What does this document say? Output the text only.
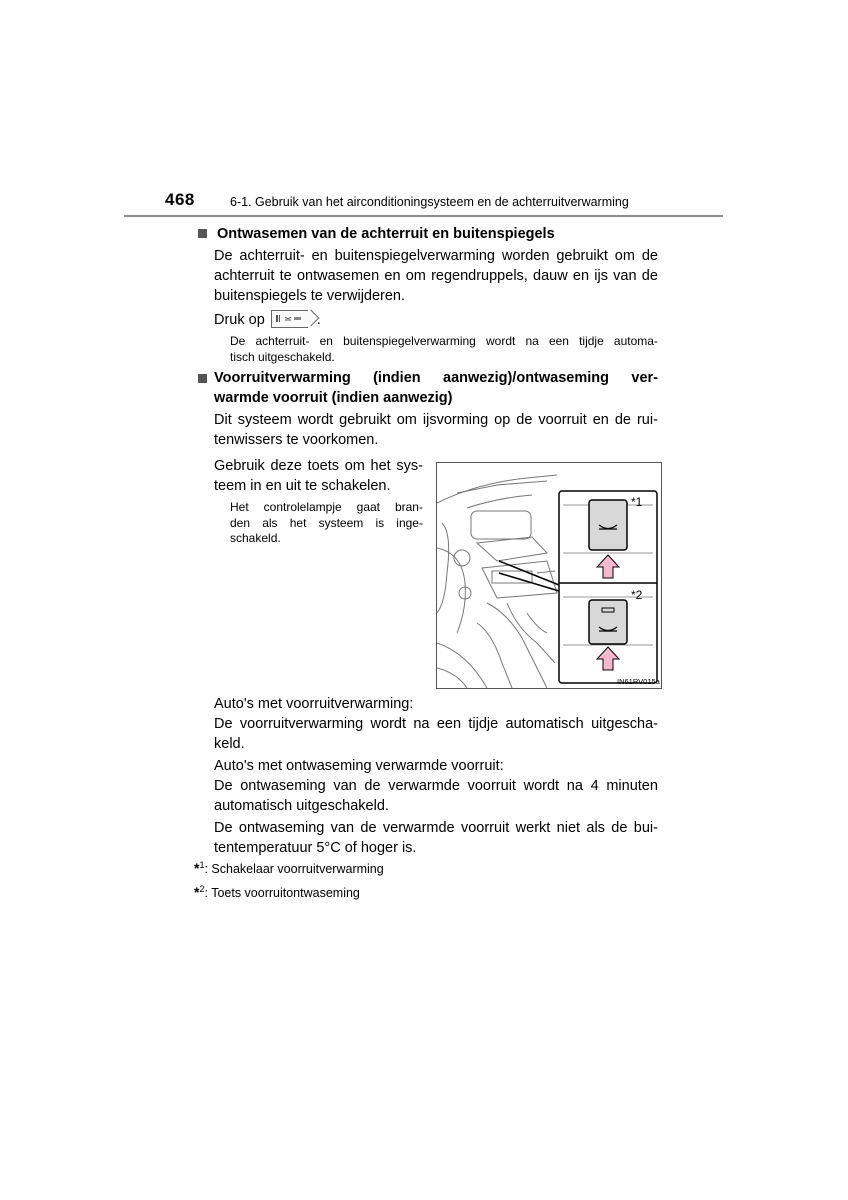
468	6-1. Gebruik van het airconditioningsysteem en de achterruitverwarming
Ontwasemen van de achterruit en buitenspiegels
De achterruit- en buitenspiegelverwarming worden gebruikt om de
achterruit te ontwasemen en om regendruppels, dauw en ijs van de
buitenspiegels te verwijderen.
Druk op	.
De achterruit- en buitenspiegelverwarming wordt na een tijdje automa-
tisch uitgeschakeld.
Voorruitverwarming (indien aanwezig)/ontwaseming ver-
warmde voorruit (indien aanwezig)
Dit systeem wordt gebruikt om ijsvorming op de voorruit en de rui-
tenwissers te voorkomen.
Gebruik deze toets om het sys-
teem in en uit te schakelen.
Het controlelampje gaat bran-
den als het systeem is inge-
schakeld.
*1
*2
IN61RV015a
Auto's met voorruitverwarming:
De voorruitverwarming wordt na een tijdje automatisch uitgescha-
keld.
Auto's met ontwaseming verwarmde voorruit:
De ontwaseming van de verwarmde voorruit wordt na 4 minuten
automatisch uitgeschakeld.
De ontwaseming van de verwarmde voorruit werkt niet als de bui-
tentemperatuur 5°C of hoger is.
*$^1$: Schakelaar voorruitverwarming
*$^2$: Toets voorruitontwaseming
